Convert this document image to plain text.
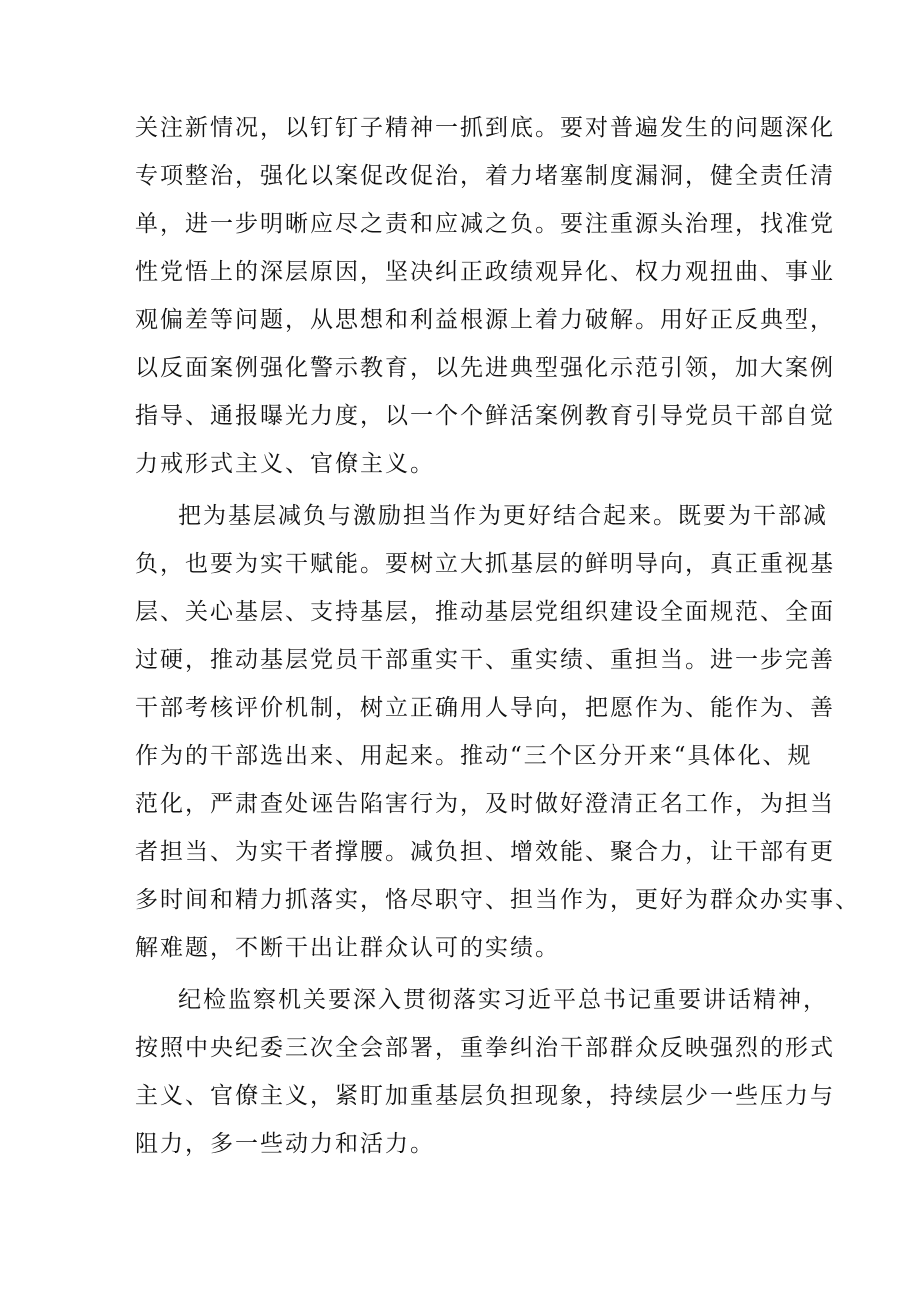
关注新情况，以钉钉子精神一抓到底。要对普遍发生的问题深化
专项整治，强化以案促改促治，着力堵塞制度漏洞，健全责任清
单，进一步明晰应尽之责和应减之负。要注重源头治理，找准党
性党悟上的深层原因，坚决纠正政绩观异化、权力观扭曲、事业
观偏差等问题，从思想和利益根源上着力破解。用好正反典型，
以反面案例强化警示教育，以先进典型强化示范引领，加大案例
指导、通报曝光力度，以一个个鲜活案例教育引导党员干部自觉
力戒形式主义、官僚主义。
把为基层减负与激励担当作为更好结合起来。既要为干部减
负，也要为实干赋能。要树立大抓基层的鲜明导向，真正重视基
层、关心基层、支持基层，推动基层党组织建设全面规范、全面
过硬，推动基层党员干部重实干、重实绩、重担当。进一步完善
干部考核评价机制，树立正确用人导向，把愿作为、能作为、善
作为的干部选出来、用起来。推动“三个区分开来“具体化、规
范化，严肃查处诬告陷害行为，及时做好澄清正名工作，为担当
者担当、为实干者撑腰。减负担、增效能、聚合力，让干部有更
多时间和精力抓落实，恪尽职守、担当作为，更好为群众办实事、
解难题，不断干出让群众认可的实绩。
纪检监察机关要深入贯彻落实习近平总书记重要讲话精神，
按照中央纪委三次全会部署，重拳纠治干部群众反映强烈的形式
主义、官僚主义，紧盯加重基层负担现象，持续层少一些压力与
阻力，多一些动力和活力。
